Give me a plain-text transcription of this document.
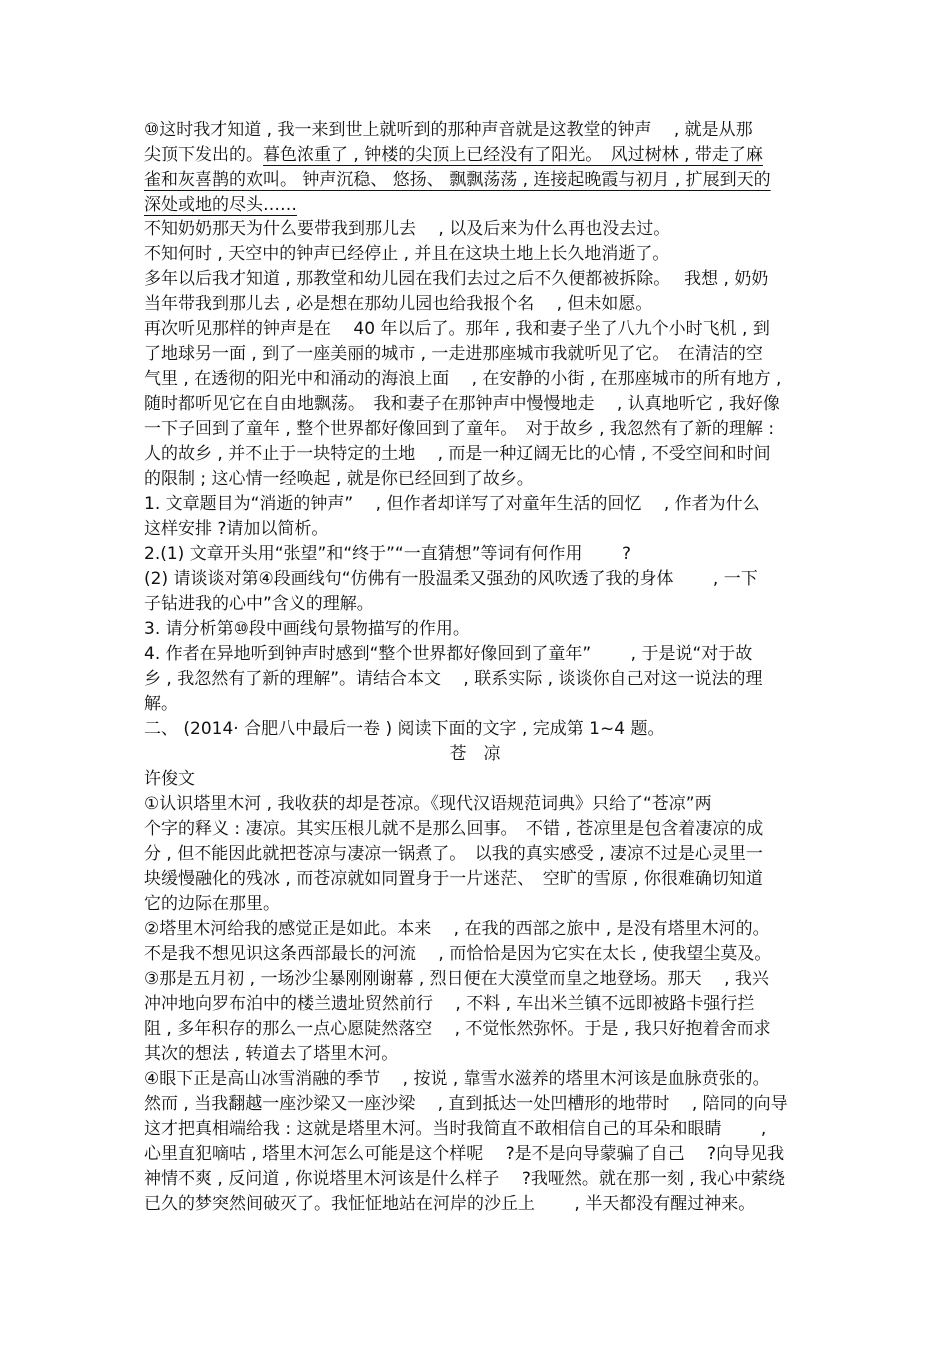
⑩这时我才知道 , 我一来到世上就听到的那种声音就是这教堂的钟声 　, 就是从那
尖顶下发出的。暮色浓重了 , 钟楼的尖顶上已经没有了阳光。　风过树林 , 带走了麻
雀和灰喜鹊的欢叫。 钟声沉稳、 悠扬、 飘飘荡荡 , 连接起晚霞与初月 , 扩展到天的
深处或地的尽头……
不知奶奶那天为什么要带我到那儿去 　, 以及后来为什么再也没去过。
不知何时 , 天空中的钟声已经停止 , 并且在这块土地上长久地消逝了。
多年以后我才知道 , 那教堂和幼儿园在我们去过之后不久便都被拆除。　 我想 , 奶奶
当年带我到那儿去 , 必是想在那幼儿园也给我报个名 　, 但未如愿。
再次听见那样的钟声是在 　40 年以后了。那年 , 我和妻子坐了八九个小时飞机 , 到
了地球另一面 , 到了一座美丽的城市 , 一走进那座城市我就听见了它。　在清洁的空
气里 , 在透彻的阳光中和涌动的海浪上面 　, 在安静的小街 , 在那座城市的所有地方 ,
随时都听见它在自由地飘荡。　我和妻子在那钟声中慢慢地走 　, 认真地听它 , 我好像
一下子回到了童年 , 整个世界都好像回到了童年。　对于故乡 , 我忽然有了新的理解 :
人的故乡 , 并不止于一块特定的土地 　, 而是一种辽阔无比的心情 , 不受空间和时间
的限制 ; 这心情一经唤起 , 就是你已经回到了故乡。
1. 文章题目为“消逝的钟声” 　, 但作者却详写了对童年生活的回忆 　, 作者为什么
这样安排 ?请加以简析。
2.(1) 文章开头用“张望”和“终于”“一直猜想”等词有何作用 　　?
(2) 请谈谈对第④段画线句“仿佛有一股温柔又强劲的风吹透了我的身体 　　, 一下
子钻进我的心中”含义的理解。
3. 请分析第⑩段中画线句景物描写的作用。
4. 作者在异地听到钟声时感到“整个世界都好像回到了童年” 　　, 于是说“对于故
乡 , 我忽然有了新的理解”。请结合本文 　, 联系实际 , 谈谈你自己对这一说法的理
解。
二、 (2014· 合肥八中最后一卷 ) 阅读下面的文字 , 完成第 1~4 题。
苍　凉
许俊文
①认识塔里木河 , 我收获的却是苍凉。《现代汉语规范词典》只给了“苍凉”两
个字的释义 : 凄凉。其实压根儿就不是那么回事。　不错 , 苍凉里是包含着凄凉的成
分 , 但不能因此就把苍凉与凄凉一锅煮了。　以我的真实感受 , 凄凉不过是心灵里一
块缓慢融化的残冰 , 而苍凉就如同置身于一片迷茫、　空旷的雪原 , 你很难确切知道
它的边际在那里。
②塔里木河给我的感觉正是如此。本来 　, 在我的西部之旅中 , 是没有塔里木河的。
不是我不想见识这条西部最长的河流 　, 而恰恰是因为它实在太长 , 使我望尘莫及。
③那是五月初 , 一场沙尘暴刚刚谢幕 , 烈日便在大漠堂而皇之地登场。那天 　, 我兴
冲冲地向罗布泊中的楼兰遗址贸然前行 　, 不料 , 车出米兰镇不远即被路卡强行拦
阻 , 多年积存的那么一点心愿陡然落空 　, 不觉怅然弥怀。于是 , 我只好抱着舍而求
其次的想法 , 转道去了塔里木河。
④眼下正是高山冰雪消融的季节 　, 按说 , 靠雪水滋养的塔里木河该是血脉贲张的。
然而 , 当我翻越一座沙梁又一座沙梁 　, 直到抵达一处凹槽形的地带时 　, 陪同的向导
这才把真相端给我 : 这就是塔里木河。当时我简直不敢相信自己的耳朵和眼睛 　　,
心里直犯嘀咕 , 塔里木河怎么可能是这个样呢 　?是不是向导蒙骗了自己 　?向导见我
神情不爽 , 反问道 , 你说塔里木河该是什么样子 　?我哑然。就在那一刻 , 我心中萦绕
已久的梦突然间破灭了。我怔怔地站在河岸的沙丘上 　　, 半天都没有醒过神来。
